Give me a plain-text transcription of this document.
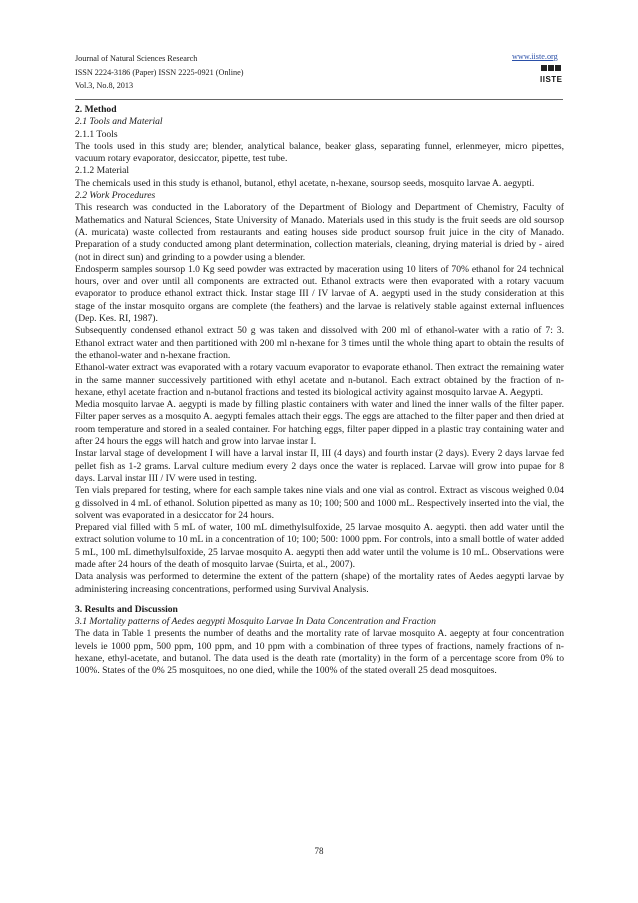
Journal of Natural Sciences Research
ISSN 2224-3186 (Paper) ISSN 2225-0921 (Online)
Vol.3, No.8, 2013
www.iiste.org
IISTE

2. Method

2.1 Tools and Material

2.1.1 Tools

The tools used in this study are; blender, analytical balance, beaker glass, separating funnel, erlenmeyer, micro pipettes, vacuum rotary evaporator, desiccator, pipette, test tube.

2.1.2 Material

The chemicals used in this study is ethanol, butanol, ethyl acetate, n-hexane, soursop seeds, mosquito larvae A. aegypti.

2.2 Work Procedures

This research was conducted in the Laboratory of the Department of Biology and Department of Chemistry, Faculty of Mathematics and Natural Sciences, State University of Manado. Materials used in this study is the fruit seeds are old soursop (A. muricata) waste collected from restaurants and eating houses side product soursop fruit juice in the city of Manado. Preparation of a study conducted among plant determination, collection materials, cleaning, drying material is dried by - aired (not in direct sun) and grinding to a powder using a blender.

Endosperm samples soursop 1.0 Kg seed powder was extracted by maceration using 10 liters of 70% ethanol for 24 technical hours, over and over until all components are extracted out. Ethanol extracts were then evaporated with a rotary vacuum evaporator to produce ethanol extract thick. Instar stage III / IV larvae of A. aegypti used in the study consideration at this stage of the instar mosquito organs are complete (the feathers) and the larvae is relatively stable against external influences (Dep. Kes. RI, 1987).

Subsequently condensed ethanol extract 50 g was taken and dissolved with 200 ml of ethanol-water with a ratio of 7: 3. Ethanol extract water and then partitioned with 200 ml n-hexane for 3 times until the whole thing apart to obtain the results of the ethanol-water and n-hexane fraction.

Ethanol-water extract was evaporated with a rotary vacuum evaporator to evaporate ethanol. Then extract the remaining water in the same manner successively partitioned with ethyl acetate and n-butanol. Each extract obtained by the fraction of n-hexane, ethyl acetate fraction and n-butanol fractions and tested its biological activity against mosquito larvae A. Aegypti.

Media mosquito larvae A. aegypti is made by filling plastic containers with water and lined the inner walls of the filter paper. Filter paper serves as a mosquito A. aegypti females attach their eggs. The eggs are attached to the filter paper and then dried at room temperature and stored in a sealed container. For hatching eggs, filter paper dipped in a plastic tray containing water and after 24 hours the eggs will hatch and grow into larvae instar I.

Instar larval stage of development I will have a larval instar II, III (4 days) and fourth instar (2 days). Every 2 days larvae fed pellet fish as 1-2 grams. Larval culture medium every 2 days once the water is replaced. Larvae will grow into pupae for 8 days. Larval instar III / IV were used in testing.

Ten vials prepared for testing, where for each sample takes nine vials and one vial as control. Extract as viscous weighed 0.04 g dissolved in 4 mL of ethanol. Solution pipetted as many as 10; 100; 500 and 1000 mL. Respectively inserted into the vial, the solvent was evaporated in a desiccator for 24 hours.

Prepared vial filled with 5 mL of water, 100 mL dimethylsulfoxide, 25 larvae mosquito A. aegypti. then add water until the extract solution volume to 10 mL in a concentration of 10; 100; 500: 1000 ppm. For controls, into a small bottle of water added 5 mL, 100 mL dimethylsulfoxide, 25 larvae mosquito A. aegypti then add water until the volume is 10 mL. Observations were made after 24 hours of the death of mosquito larvae (Suirta, et al., 2007).

Data analysis was performed to determine the extent of the pattern (shape) of the mortality rates of Aedes aegypti larvae by administering increasing concentrations, performed using Survival Analysis.

3. Results and Discussion

3.1 Mortality patterns of Aedes aegypti Mosquito Larvae In Data Concentration and Fraction

The data in Table 1 presents the number of deaths and the mortality rate of larvae mosquito A. aegepty at four concentration levels ie 1000 ppm, 500 ppm, 100 ppm, and 10 ppm with a combination of three types of fractions, namely fractions of n-hexane, ethyl-acetate, and butanol. The data used is the death rate (mortality) in the form of a percentage score from 0% to 100%. States of the 0% 25 mosquitoes, no one died, while the 100% of the stated overall 25 dead mosquitoes.

78
